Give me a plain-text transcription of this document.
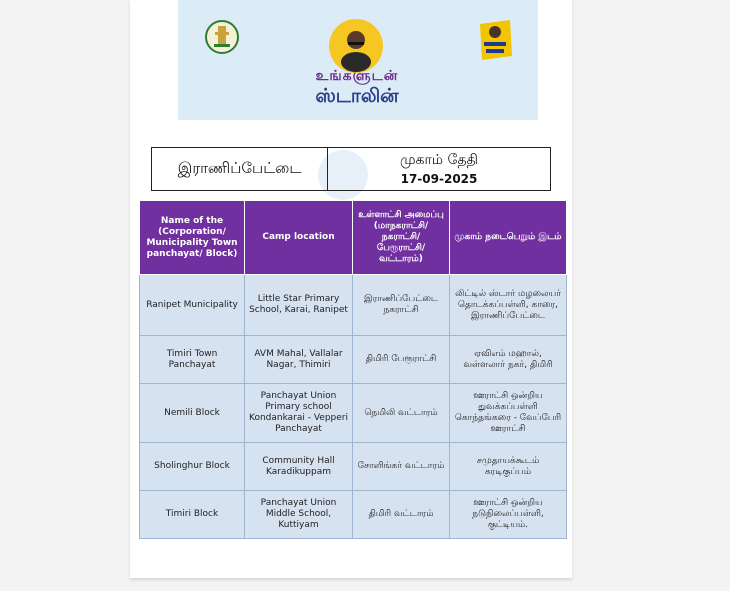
உங்களுடன்
ஸ்டாலின்
இராணிப்பேட்டை	முகாம் தேதி
17-09-2025
Name of the (Corporation/ Municipality Town panchayat/ Block)	Camp location	உள்ளாட்சி அமைப்பு (மாநகராட்சி/ நகராட்சி/ பேரூராட்சி/ வட்டாரம்)	முகாம் நடைபெறும் இடம்
Ranipet Municipality	Little Star Primary School, Karai, Ranipet	இராணிப்பேட்டை நகராட்சி	லிட்டில் ஸ்டார் மழலையர் தொடக்கப்பள்ளி, காரை, இராணிப்பேட்டை
Timiri Town Panchayat	AVM Mahal, Vallalar Nagar, Thimiri	திமிரி பேரூராட்சி	ஏவிஎம் மஹால், வள்ளலார் நகர், திமிரி
Nemili Block	Panchayat Union Primary school Kondankarai - Vepperi Panchayat	நெமிலி வட்டாரம்	ஊராட்சி ஒன்றிய துவக்கப்பள்ளி கொந்தங்கரை - வேப்பேரி ஊராட்சி
Sholinghur Block	Community Hall Karadikuppam	சோளிங்கர் வட்டாரம்	சமுதாயக்கூடம் கரடிகுப்பம்
Timiri Block	Panchayat Union Middle School, Kuttiyam	திமிரி வட்டாரம்	ஊராட்சி ஒன்றிய நடுநிலைப்பள்ளி, குட்டியம்.
